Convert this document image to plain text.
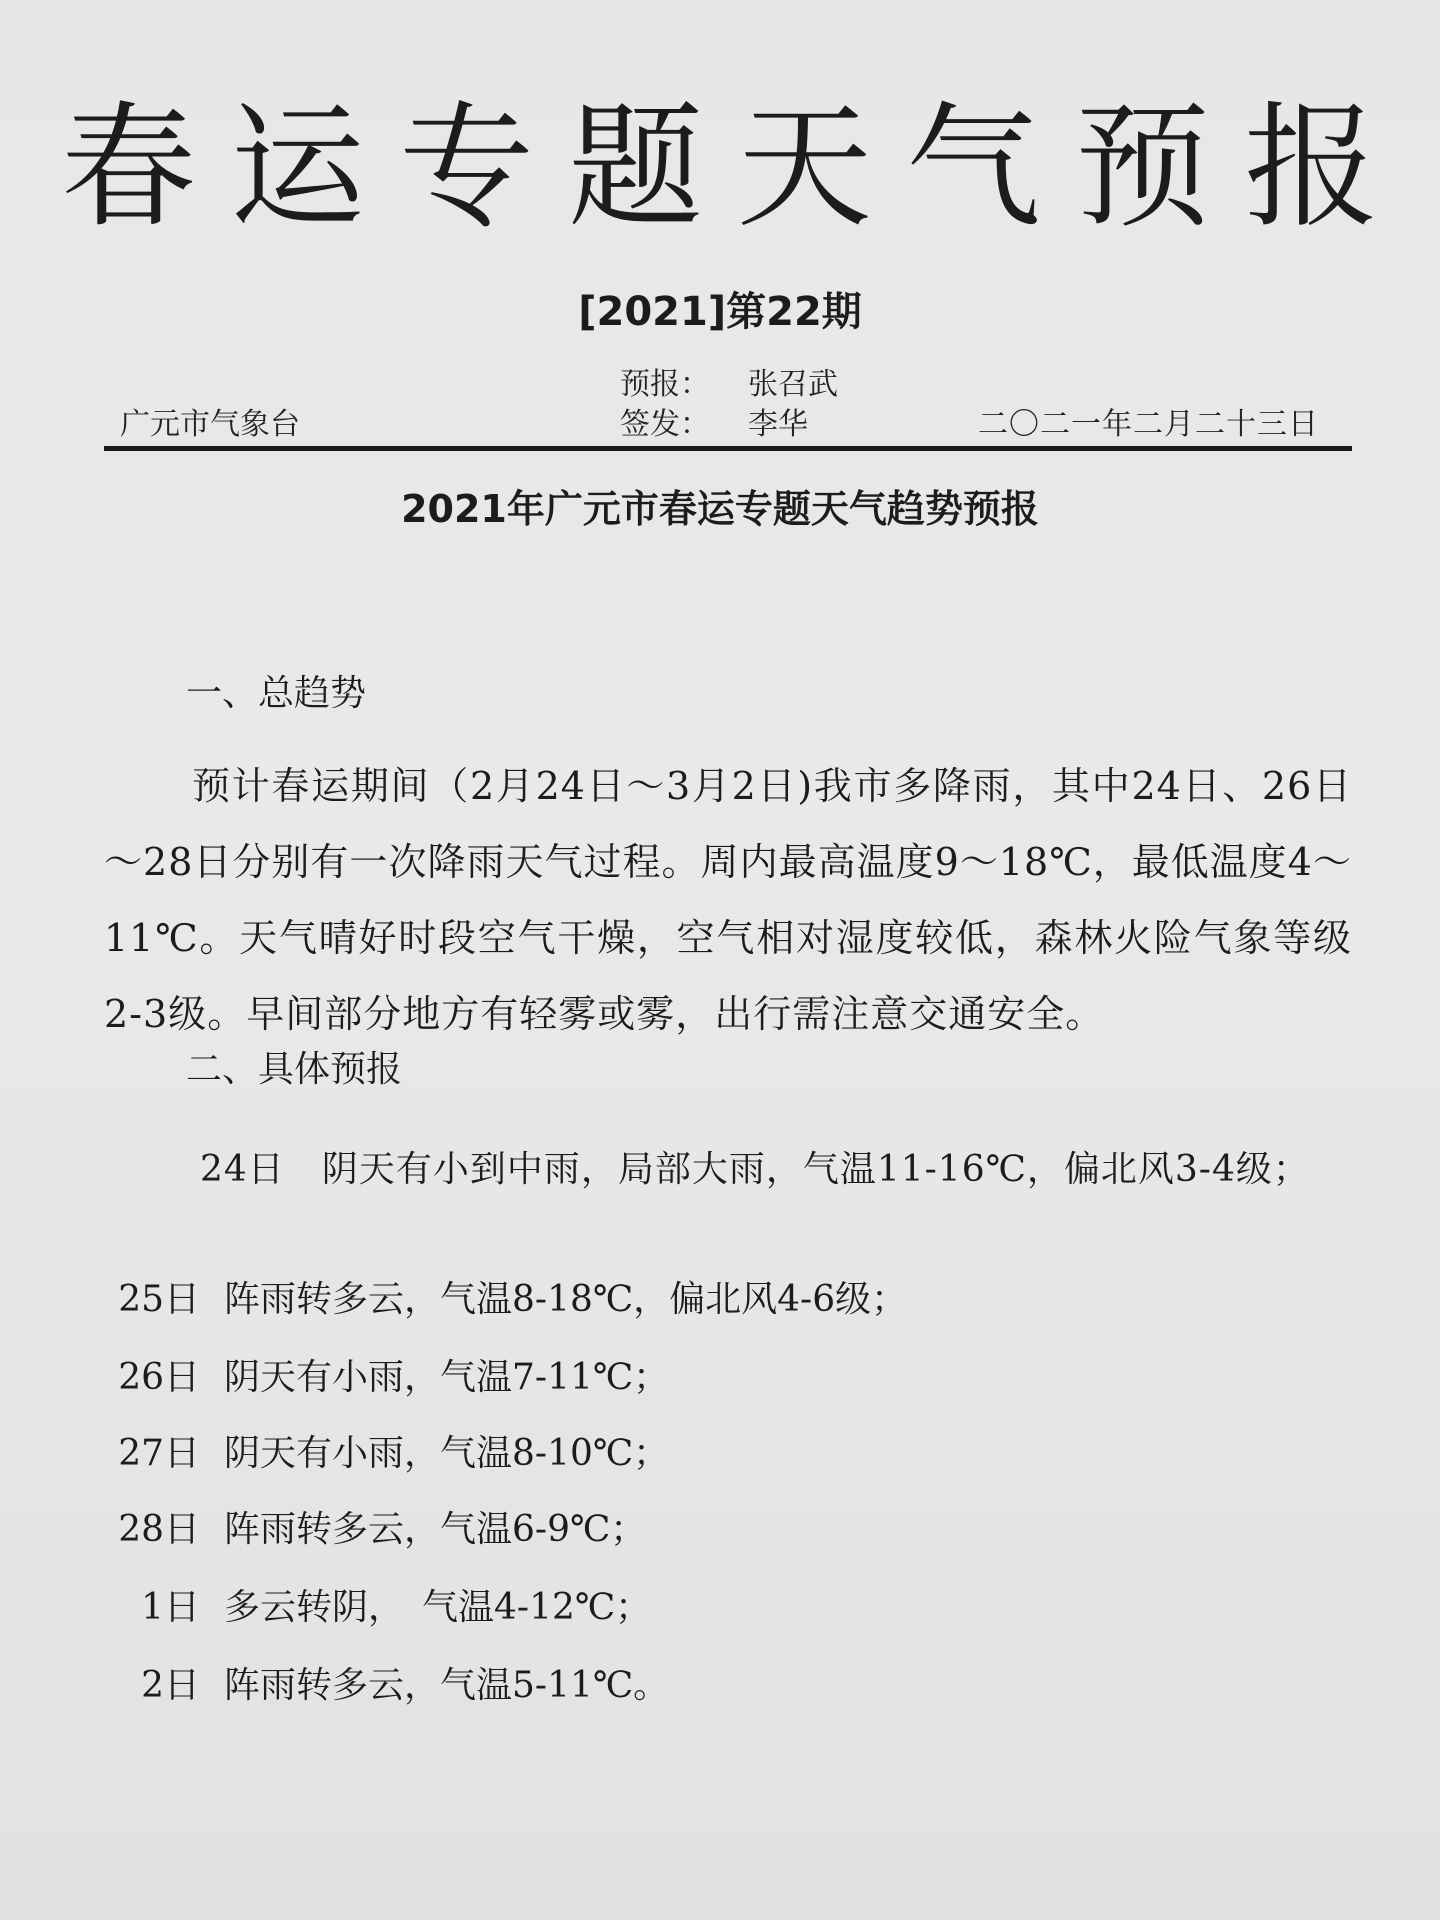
春运专题天气预报
[2021]第22期
预报： 张召武
广元市气象台	签发： 李华	二〇二一年二月二十三日
2021年广元市春运专题天气趋势预报
一、总趋势
预计春运期间（2月24日～3月2日)我市多降雨，其中24日、26日～28日分别有一次降雨天气过程。周内最高温度9～18℃，最低温度4～11℃。天气晴好时段空气干燥，空气相对湿度较低，森林火险气象等级2-3级。早间部分地方有轻雾或雾，出行需注意交通安全。
二、具体预报
24日　 阴天有小到中雨，局部大雨，气温11-16℃，偏北风3-4级；
25日 阵雨转多云，气温8-18℃，偏北风4-6级；
26日 阴天有小雨，气温7-11℃；
27日 阴天有小雨，气温8-10℃；
28日 阵雨转多云，气温6-9℃；
1日 多云转阴，　气温4-12℃；
2日 阵雨转多云，气温5-11℃。
